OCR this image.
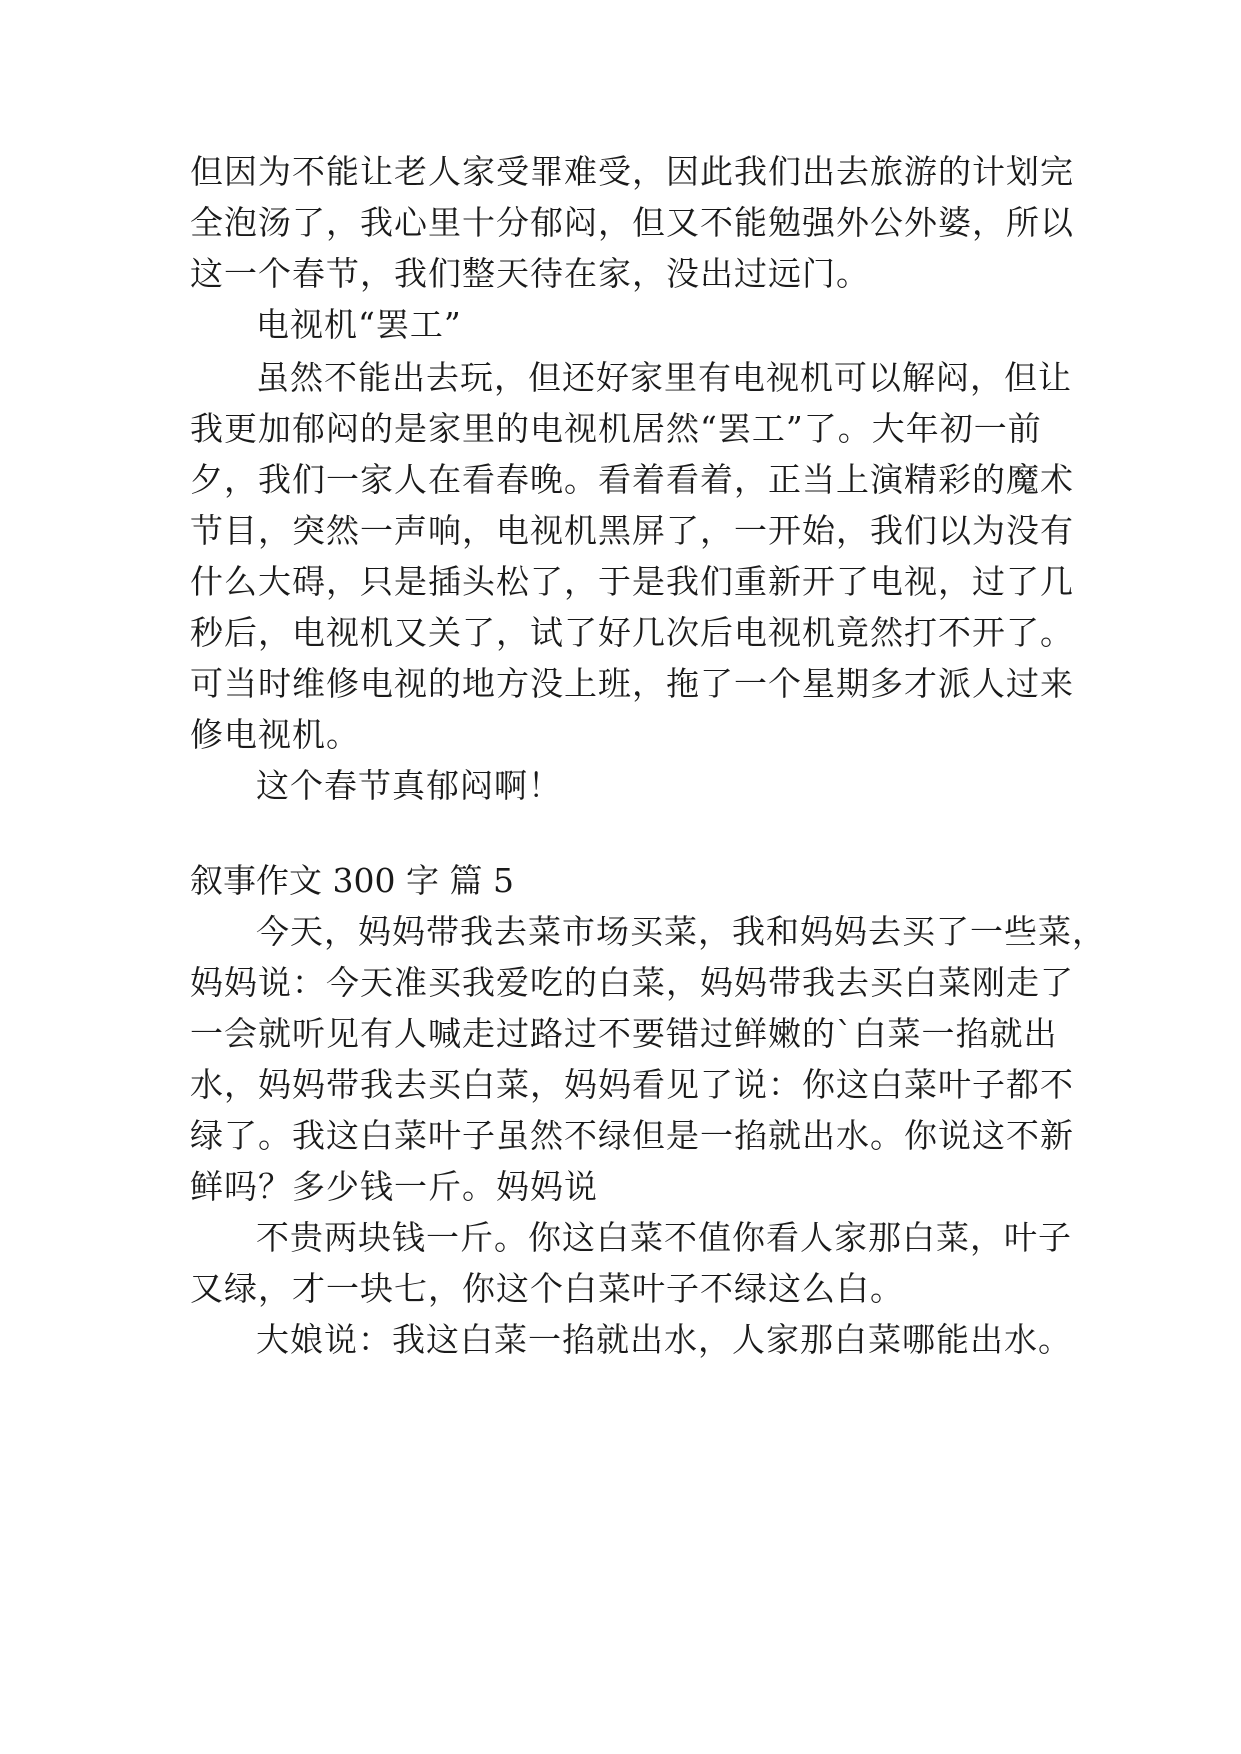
但因为不能让老人家受罪难受，因此我们出去旅游的计划完
全泡汤了，我心里十分郁闷，但又不能勉强外公外婆，所以
这一个春节，我们整天待在家，没出过远门。
电视机“罢工”
虽然不能出去玩，但还好家里有电视机可以解闷，但让
我更加郁闷的是家里的电视机居然“罢工”了。大年初一前
夕，我们一家人在看春晚。看着看着，正当上演精彩的魔术
节目，突然一声响，电视机黑屏了，一开始，我们以为没有
什么大碍，只是插头松了，于是我们重新开了电视，过了几
秒后，电视机又关了，试了好几次后电视机竟然打不开了。
可当时维修电视的地方没上班，拖了一个星期多才派人过来
修电视机。
这个春节真郁闷啊！
叙事作文 300 字 篇 5
今天，妈妈带我去菜市场买菜，我和妈妈去买了一些菜，
妈妈说：今天准买我爱吃的白菜，妈妈带我去买白菜刚走了
一会就听见有人喊走过路过不要错过鲜嫩的`白菜一掐就出
水，妈妈带我去买白菜，妈妈看见了说：你这白菜叶子都不
绿了。我这白菜叶子虽然不绿但是一掐就出水。你说这不新
鲜吗？多少钱一斤。妈妈说
不贵两块钱一斤。你这白菜不值你看人家那白菜，叶子
又绿，才一块七，你这个白菜叶子不绿这么白。
大娘说：我这白菜一掐就出水，人家那白菜哪能出水。
